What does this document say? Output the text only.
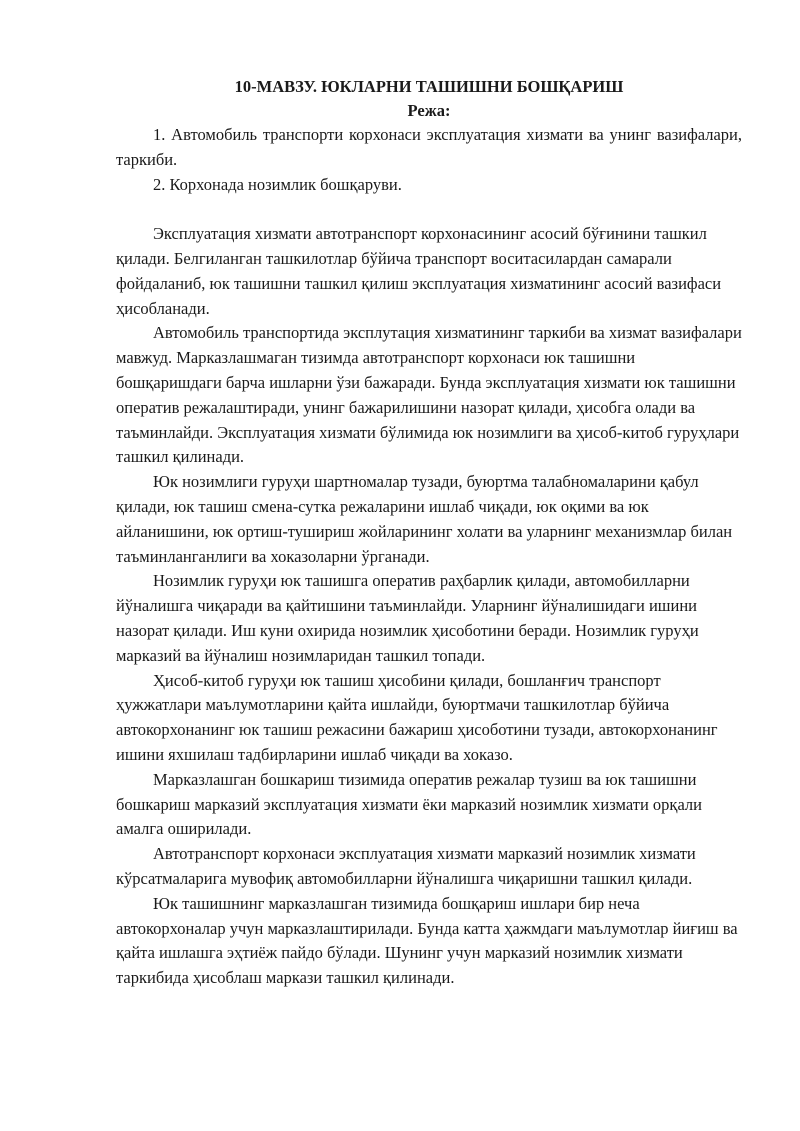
10-МАВЗУ. ЮКЛАРНИ ТАШИШНИ БОШҚАРИШ

Режа:

1. Автомобиль транспорти корхонаси эксплуатация хизмати ва унинг вазифалари, таркиби.

2. Корхонада нозимлик бошқаруви.

Эксплуатация хизмати автотранспорт корхонасининг асосий бўғинини ташкил қилади. Белгиланган ташкилотлар бўйича транспорт воситасилардан самарали фойдаланиб, юк ташишни ташкил қилиш эксплуатация хизматининг асосий вазифаси ҳисобланади.

Автомобиль транспортида эксплутация хизматининг таркиби ва хизмат вазифалари мавжуд. Марказлашмаган тизимда автотранспорт корхонаси юк ташишни бошқаришдаги барча ишларни ўзи бажаради. Бунда эксплуатация хизмати юк ташишни оператив режалаштиради, унинг бажарилишини назорат қилади, ҳисобга олади ва таъминлайди. Эксплуатация хизмати бўлимида юк нозимлиги ва ҳисоб-китоб гуруҳлари ташкил қилинади.

Юк нозимлиги гуруҳи шартномалар тузади, буюртма талабномаларини қабул қилади, юк ташиш смена-сутка режаларини ишлаб чиқади, юк оқими ва юк айланишини, юк ортиш-тушириш жойларининг холати ва уларнинг механизмлар билан таъминланганлиги ва хоказоларни ўрганади.

Нозимлик гуруҳи юк ташишга оператив раҳбарлик қилади, автомобилларни йўналишга чиқаради ва қайтишини таъминлайди. Уларнинг йўналишидаги ишини назорат қилади. Иш куни охирида нозимлик ҳисоботини беради. Нозимлик гуруҳи марказий ва йўналиш нозимларидан ташкил топади.

Ҳисоб-китоб гуруҳи юк ташиш ҳисобини қилади, бошланғич транспорт ҳужжатлари маълумотларини қайта ишлайди, буюртмачи ташкилотлар бўйича автокорхонанинг юк ташиш режасини бажариш ҳисоботини тузади, автокорхонанинг ишини яхшилаш тадбирларини ишлаб чиқади ва хоказо.

Марказлашган бошкариш тизимида оператив режалар тузиш ва юк ташишни бошкариш марказий эксплуатация хизмати ёки марказий нозимлик хизмати орқали амалга оширилади.

Автотранспорт корхонаси эксплуатация хизмати марказий нозимлик хизмати кўрсатмаларига мувофиқ автомобилларни йўналишга чиқаришни ташкил қилади.

Юк ташишнинг марказлашган тизимида бошқариш ишлари бир неча автокорхоналар учун марказлаштирилади. Бунда катта ҳажмдаги маълумотлар йиғиш ва қайта ишлашга эҳтиёж пайдо бўлади. Шунинг учун марказий нозимлик хизмати таркибида ҳисоблаш маркази ташкил қилинади.
